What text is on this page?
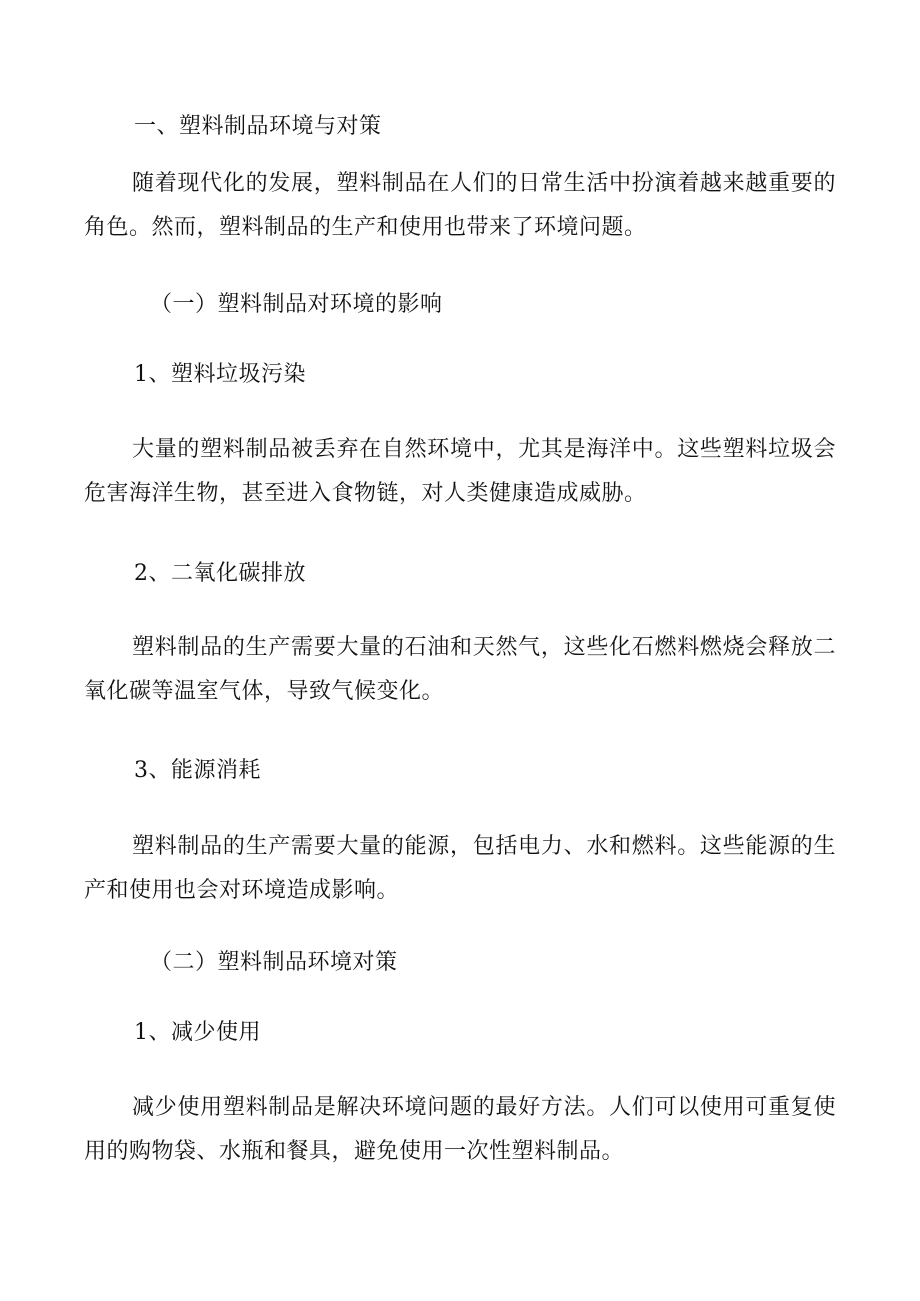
一、塑料制品环境与对策

随着现代化的发展，塑料制品在人们的日常生活中扮演着越来越重要的角色。然而，塑料制品的生产和使用也带来了环境问题。

（一）塑料制品对环境的影响
1、塑料垃圾污染

大量的塑料制品被丢弃在自然环境中，尤其是海洋中。这些塑料垃圾会危害海洋生物，甚至进入食物链，对人类健康造成威胁。

2、二氧化碳排放

塑料制品的生产需要大量的石油和天然气，这些化石燃料燃烧会释放二氧化碳等温室气体，导致气候变化。

3、能源消耗

塑料制品的生产需要大量的能源，包括电力、水和燃料。这些能源的生产和使用也会对环境造成影响。

（二）塑料制品环境对策
1、减少使用

减少使用塑料制品是解决环境问题的最好方法。人们可以使用可重复使用的购物袋、水瓶和餐具，避免使用一次性塑料制品。
